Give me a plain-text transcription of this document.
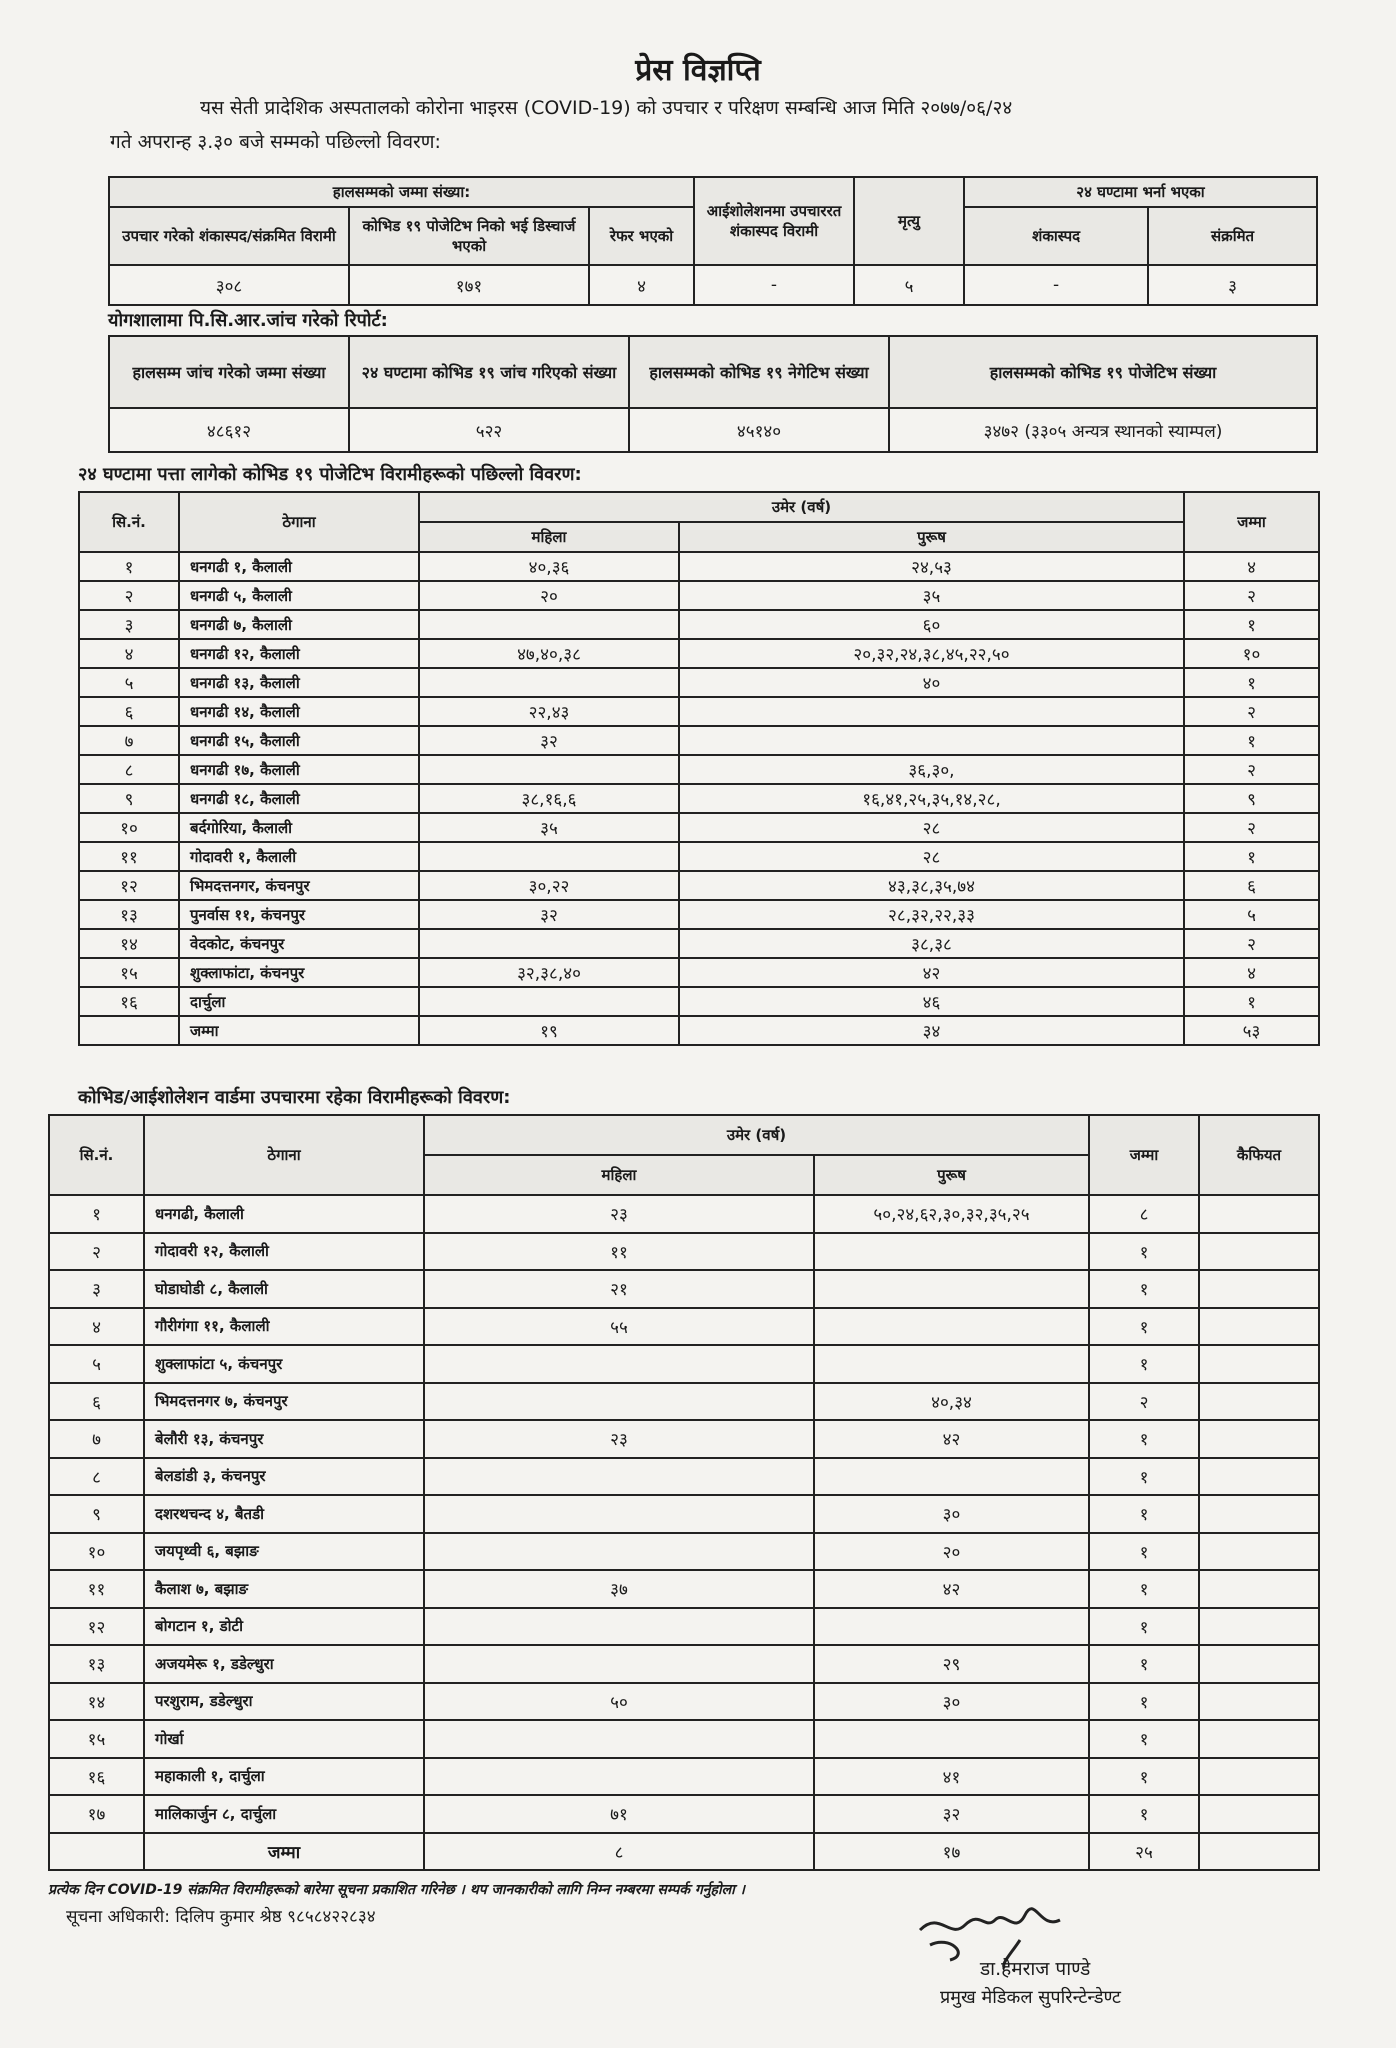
प्रेस विज्ञप्ति
यस सेती प्रादेशिक अस्पतालको कोरोना भाइरस (COVID-19) को उपचार र परिक्षण सम्बन्धि आज मिति २०७७/०६/२४
गते अपरान्ह ३.३० बजे सम्मको पछिल्लो विवरण:
हालसम्मको जम्मा संख्या:			आईशोलेशनमा उपचाररत शंकास्पद विरामी	मृत्यु	२४ घण्टामा भर्ना भएका	
उपचार गरेको शंकास्पद/संक्रमित विरामी	कोभिड १९ पोजेटिभ निको भई डिस्चार्ज भएको	रेफर भएको			शंकास्पद	संक्रमित
३०८	१७१	४	-	५	-	३
योगशालामा पि.सि.आर.जांच गरेको रिपोर्ट:
हालसम्म जांच गरेको जम्मा संख्या	२४ घण्टामा कोभिड १९ जांच गरिएको संख्या	हालसम्मको कोभिड १९ नेगेटिभ संख्या	हालसम्मको कोभिड १९ पोजेटिभ संख्या
४८६१२	५२२	४५१४०	३४७२ (३३०५ अन्यत्र स्थानको स्याम्पल)
२४ घण्टामा पत्ता लागेको कोभिड १९ पोजेटिभ विरामीहरूको पछिल्लो विवरण:
सि.नं.	ठेगाना	उमेर (वर्ष)		जम्मा
		महिला	पुरूष	
१	धनगढी १, कैलाली	४०,३६	२४,५३	४
२	धनगढी ५, कैलाली	२०	३५	२
३	धनगढी ७, कैलाली		६०	१
४	धनगढी १२, कैलाली	४७,४०,३८	२०,३२,२४,३८,४५,२२,५०	१०
५	धनगढी १३, कैलाली		४०	१
६	धनगढी १४, कैलाली	२२,४३		२
७	धनगढी १५, कैलाली	३२		१
८	धनगढी १७, कैलाली		३६,३०,	२
९	धनगढी १८, कैलाली	३८,१६,६	१६,४१,२५,३५,१४,२८,	९
१०	बर्दगोरिया, कैलाली	३५	२८	२
११	गोदावरी १, कैलाली		२८	१
१२	भिमदत्तनगर, कंचनपुर	३०,२२	४३,३८,३५,७४	६
१३	पुनर्वास ११, कंचनपुर	३२	२८,३२,२२,३३	५
१४	वेदकोट, कंचनपुर		३८,३८	२
१५	शुक्लाफांटा, कंचनपुर	३२,३८,४०	४२	४
१६	दार्चुला		४६	१
	जम्मा	१९	३४	५३
कोभिड/आईशोलेशन वार्डमा उपचारमा रहेका विरामीहरूको विवरण:
सि.नं.	ठेगाना	उमेर (वर्ष)		जम्मा	कैफियत
		महिला	पुरूष		
१	धनगढी, कैलाली	२३	५०,२४,६२,३०,३२,३५,२५	८	
२	गोदावरी १२, कैलाली	११		१	
३	घोडाघोडी ८, कैलाली	२१		१	
४	गौरीगंगा ११, कैलाली	५५		१	
५	शुक्लाफांटा ५, कंचनपुर			१	
६	भिमदत्तनगर ७, कंचनपुर		४०,३४	२	
७	बेलौरी १३, कंचनपुर	२३	४२	१	
८	बेलडांडी ३, कंचनपुर			१	
९	दशरथचन्द ४, बैतडी		३०	१	
१०	जयपृथ्वी ६, बझाङ		२०	१	
११	कैलाश ७, बझाङ	३७	४२	१	
१२	बोगटान १, डोटी			१	
१३	अजयमेरू १, डडेल्धुरा		२९	१	
१४	परशुराम, डडेल्धुरा	५०	३०	१	
१५	गोर्खा			१	
१६	महाकाली १, दार्चुला		४१	१	
१७	मालिकार्जुन ८, दार्चुला	७१	३२	१	
	जम्मा	८	१७	२५	
प्रत्येक दिन COVID-19 संक्रमित विरामीहरूको बारेमा सूचना प्रकाशित गरिनेछ । थप जानकारीको लागि निम्न नम्बरमा सम्पर्क गर्नुहोला ।
सूचना अधिकारी: दिलिप कुमार श्रेष्ठ ९८५८४२२८३४
डा.हेमराज पाण्डे
प्रमुख मेडिकल सुपरिन्टेन्डेण्ट
